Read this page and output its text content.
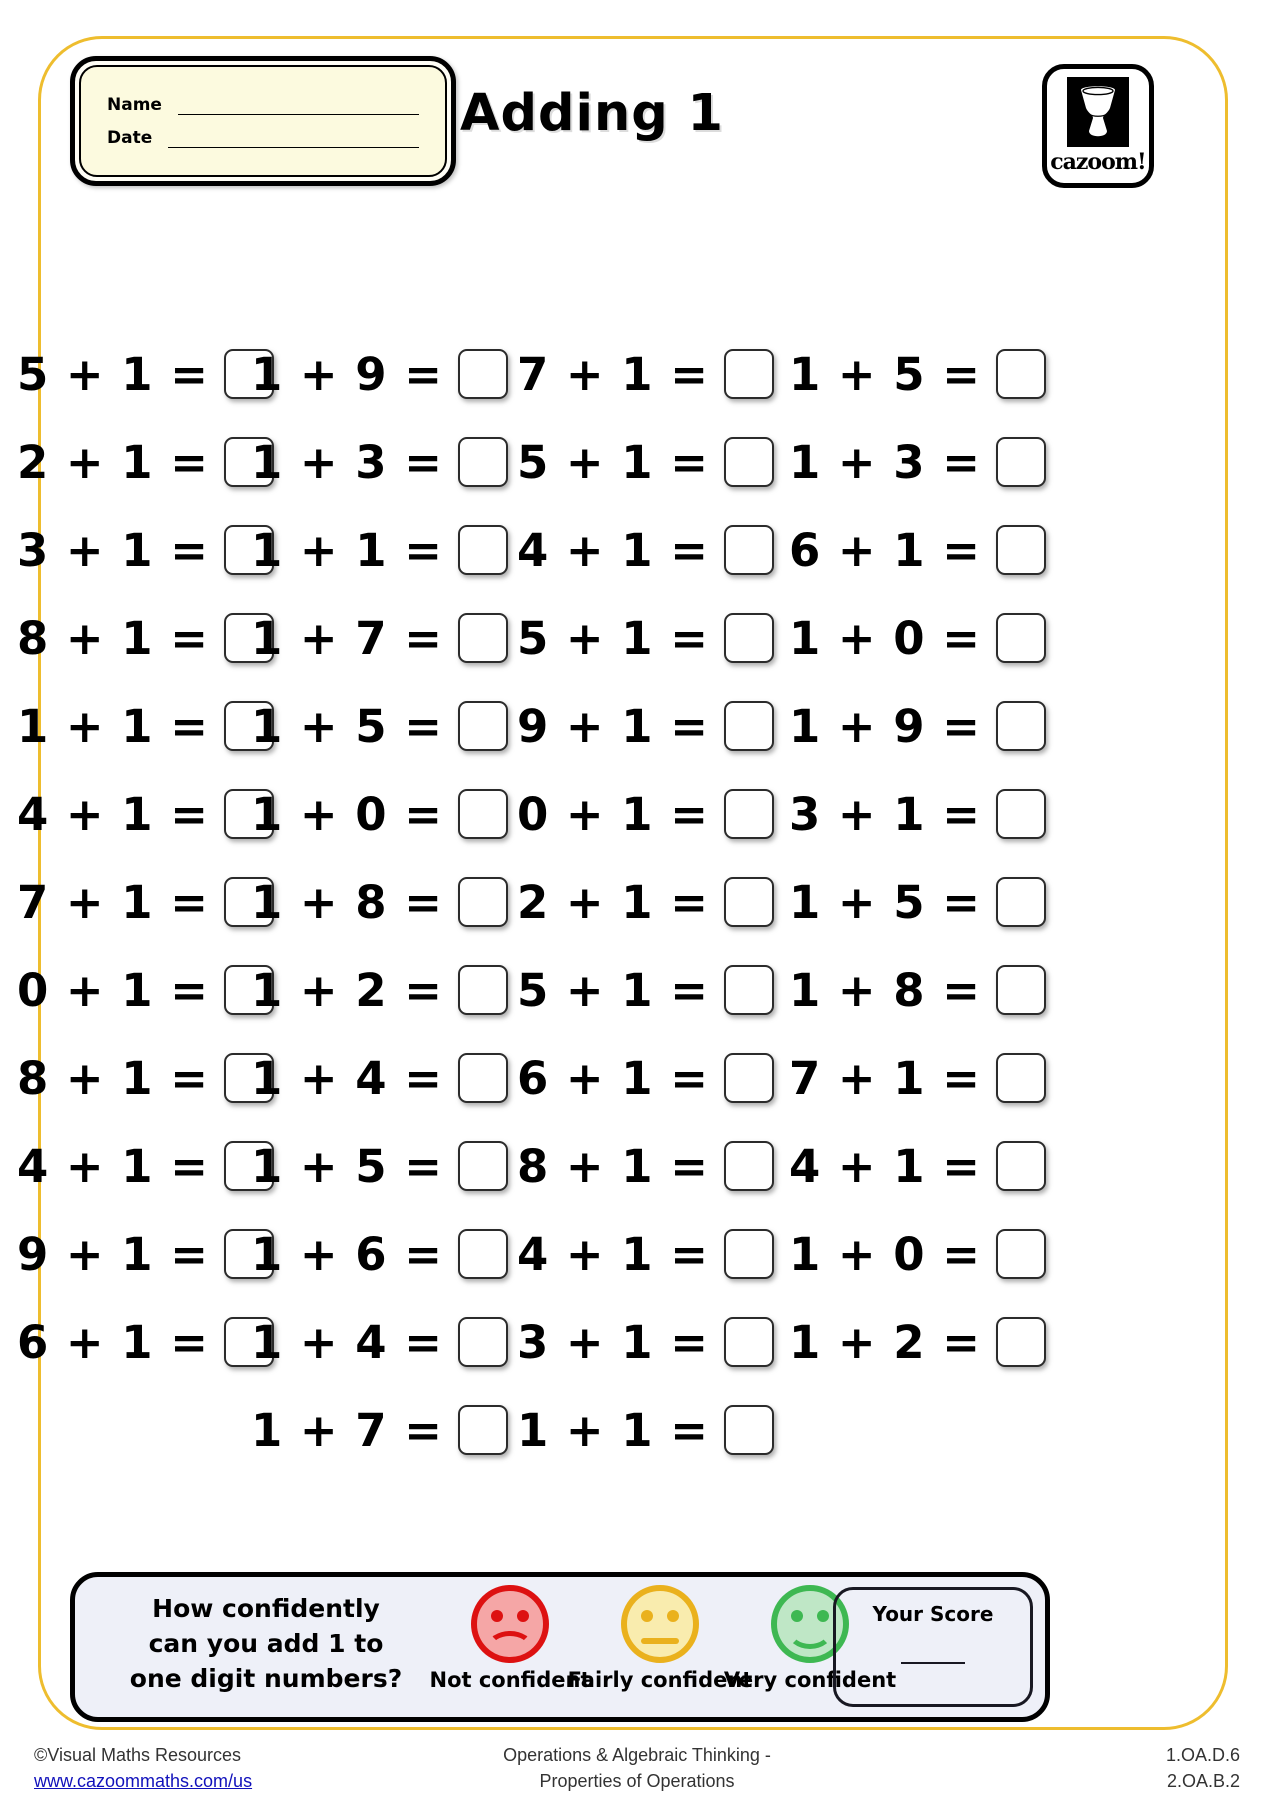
Name
Date	Adding 1
cazoom!
5 + 1 =
2 + 1 =
3 + 1 =
8 + 1 =
1 + 1 =
4 + 1 =
7 + 1 =
0 + 1 =
8 + 1 =
4 + 1 =
9 + 1 =
6 + 1 =
1 + 9 =
1 + 3 =
1 + 1 =
1 + 7 =
1 + 5 =
1 + 0 =
1 + 8 =
1 + 2 =
1 + 4 =
1 + 5 =
1 + 6 =
1 + 4 =
1 + 7 =
7 + 1 =
5 + 1 =
4 + 1 =
5 + 1 =
9 + 1 =
0 + 1 =
2 + 1 =
5 + 1 =
6 + 1 =
8 + 1 =
4 + 1 =
3 + 1 =
1 + 1 =
1 + 5 =
1 + 3 =
6 + 1 =
1 + 0 =
1 + 9 =
3 + 1 =
1 + 5 =
1 + 8 =
7 + 1 =
4 + 1 =
1 + 0 =
1 + 2 =
How confidently
can you add 1 to
one digit numbers?	Not confident
Fairly confident
Very confident
Your Score
©Visual Maths Resources
www.cazoommaths.com/us
Operations & Algebraic Thinking -
Properties of Operations
1.OA.D.6
2.OA.B.2
